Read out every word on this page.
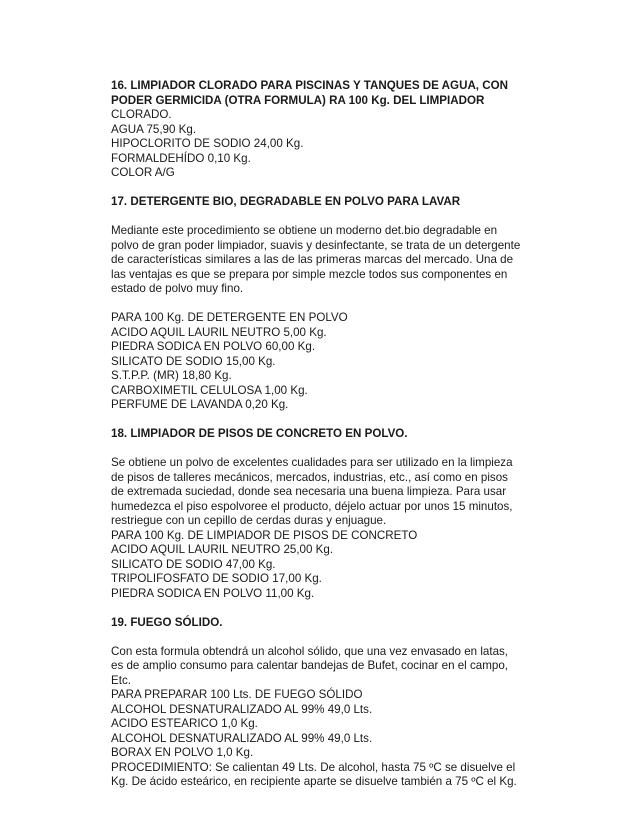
16. LIMPIADOR CLORADO PARA PISCINAS Y TANQUES DE AGUA, CON
PODER GERMICIDA (OTRA FORMULA) RA 100 Kg. DEL LIMPIADOR
CLORADO.
AGUA 75,90 Kg.
HIPOCLORITO DE SODIO 24,00 Kg.
FORMALDEHÍDO 0,10 Kg.
COLOR A/G
17. DETERGENTE BIO, DEGRADABLE EN POLVO PARA LAVAR
Mediante este procedimiento se obtiene un moderno det.bio degradable en
polvo de gran poder limpiador, suavis y desinfectante, se trata de un detergente
de características similares a las de las primeras marcas del mercado. Una de
las ventajas es que se prepara por simple mezcle todos sus componentes en
estado de polvo muy fino.
PARA 100 Kg. DE DETERGENTE EN POLVO
ACIDO AQUIL LAURIL NEUTRO 5,00 Kg.
PIEDRA SODICA EN POLVO 60,00 Kg.
SILICATO DE SODIO 15,00 Kg.
S.T.P.P. (MR) 18,80 Kg.
CARBOXIMETIL CELULOSA 1,00 Kg.
PERFUME DE LAVANDA 0,20 Kg.
18. LIMPIADOR DE PISOS DE CONCRETO EN POLVO.
Se obtiene un polvo de excelentes cualidades para ser utilizado en la limpieza
de pisos de talleres mecánicos, mercados, industrias, etc., así como en pisos
de extremada suciedad, donde sea necesaria una buena limpieza. Para usar
humedezca el piso espolvoree el producto, déjelo actuar por unos 15 minutos,
restriegue con un cepillo de cerdas duras y enjuague.
PARA 100 Kg. DE LIMPIADOR DE PISOS DE CONCRETO
ACIDO AQUIL LAURIL NEUTRO 25,00 Kg.
SILICATO DE SODIO 47,00 Kg.
TRIPOLIFOSFATO DE SODIO 17,00 Kg.
PIEDRA SODICA EN POLVO 11,00 Kg.
19. FUEGO SÓLIDO.
Con esta formula obtendrá un alcohol sólido, que una vez envasado en latas,
es de amplio consumo para calentar bandejas de Bufet, cocinar en el campo,
Etc.
PARA PREPARAR 100 Lts. DE FUEGO SÓLIDO
ALCOHOL DESNATURALIZADO AL 99% 49,0 Lts.
ACIDO ESTEARICO 1,0 Kg.
ALCOHOL DESNATURALIZADO AL 99% 49,0 Lts.
BORAX EN POLVO 1,0 Kg.
PROCEDIMIENTO: Se calientan 49 Lts. De alcohol, hasta 75 ºC se disuelve el
Kg. De ácido esteárico, en recipiente aparte se disuelve también a 75 ºC el Kg.
